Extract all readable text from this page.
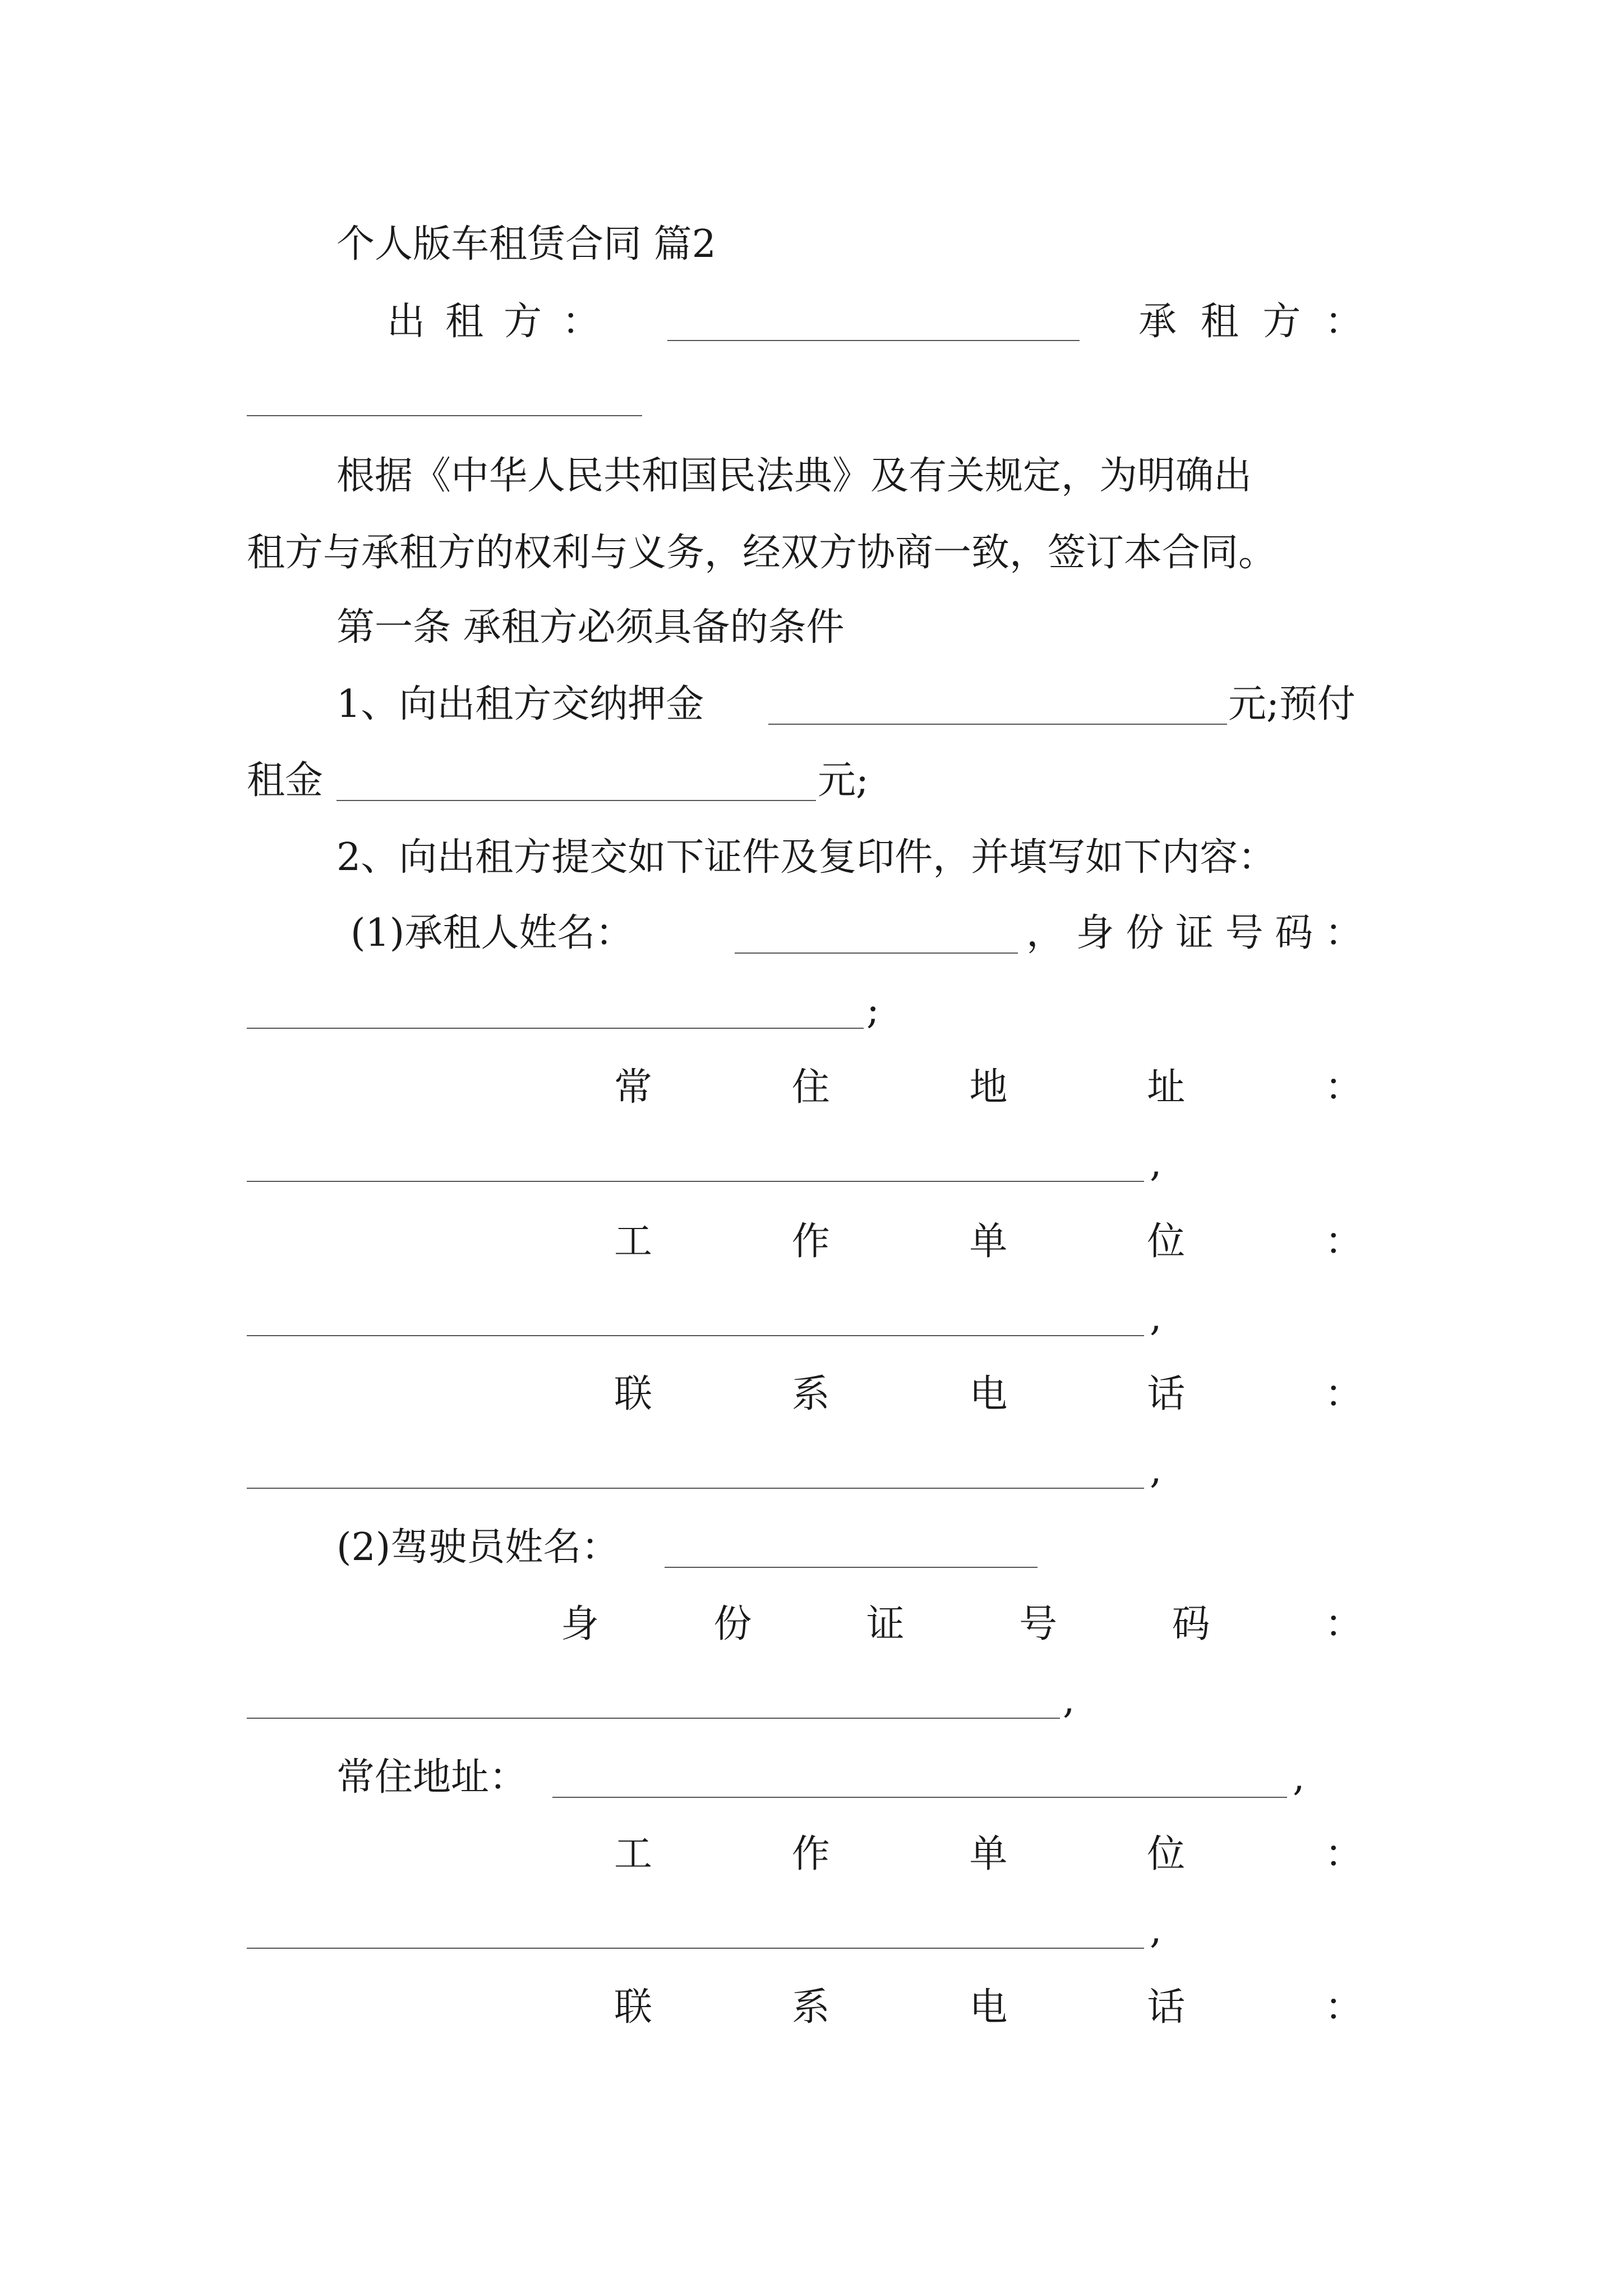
个人版车租赁合同 篇2
出 租 方 ：	承 租 方 ：
根据《中华人民共和国民法典》及有关规定，为明确出
租方与承租方的权利与义务，经双方协商一致，签订本合同。
第一条 承租方必须具备的条件
1、向出租方交纳押金	元;预付
租金	元;
2、向出租方提交如下证件及复印件，并填写如下内容：
(1)承租人姓名：	， 身 份 证 号 码 ：
;
常	住	地	址	：
,
工	作	单	位	：
,
联	系	电	话	：
,
(2)驾驶员姓名：
身	份	证	号	码	：
,
常住地址：	,
工	作	单	位	：
,
联	系	电	话	：
